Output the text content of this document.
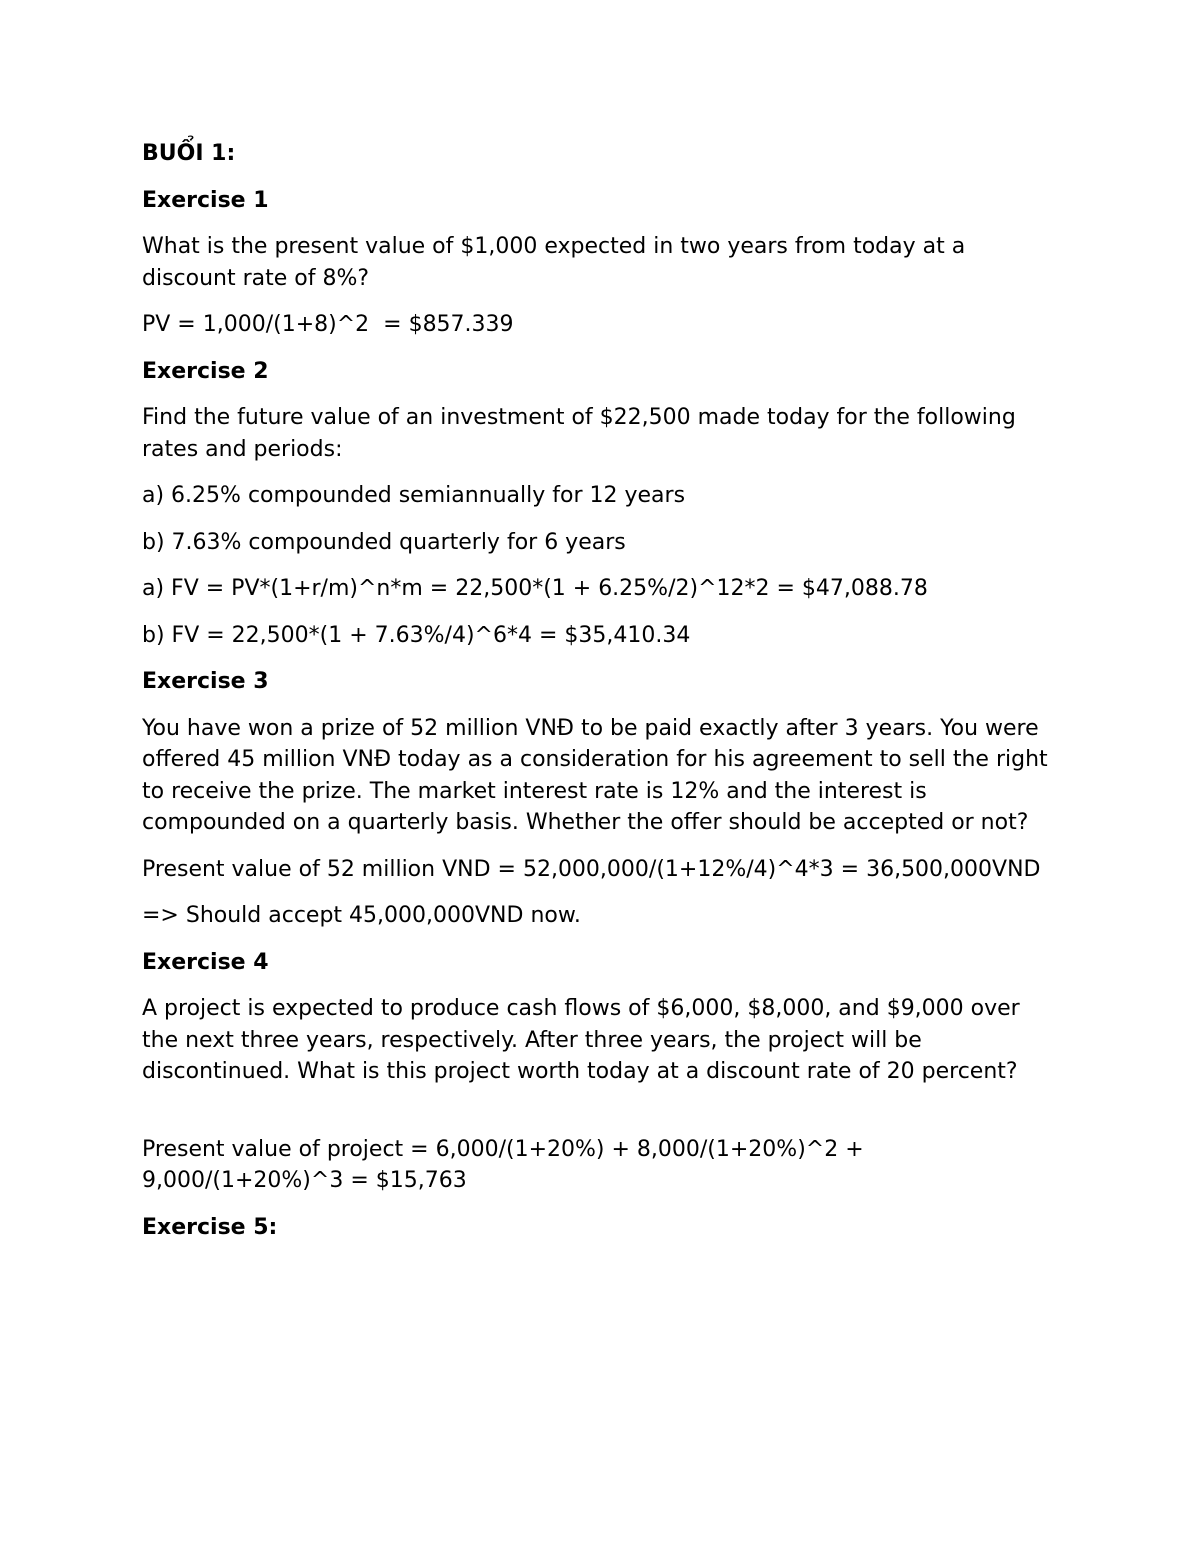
BUỔI 1:

Exercise 1

What is the present value of $1,000 expected in two years from today at a discount rate of 8%?

PV = 1,000/(1+8)^2  = $857.339

Exercise 2

Find the future value of an investment of $22,500 made today for the following rates and periods:

a) 6.25% compounded semiannually for 12 years

b) 7.63% compounded quarterly for 6 years

a) FV = PV*(1+r/m)^n*m = 22,500*(1 + 6.25%/2)^12*2 = $47,088.78

b) FV = 22,500*(1 + 7.63%/4)^6*4 = $35,410.34

Exercise 3

You have won a prize of 52 million VNĐ to be paid exactly after 3 years. You were offered 45 million VNĐ today as a consideration for his agreement to sell the right to receive the prize. The market interest rate is 12% and the interest is compounded on a quarterly basis. Whether the offer should be accepted or not?

Present value of 52 million VND = 52,000,000/(1+12%/4)^4*3 = 36,500,000VND

=> Should accept 45,000,000VND now.

Exercise 4

A project is expected to produce cash flows of $6,000, $8,000, and $9,000 over the next three years, respectively. After three years, the project will be discontinued. What is this project worth today at a discount rate of 20 percent?

Present value of project = 6,000/(1+20%) + 8,000/(1+20%)^2 + 9,000/(1+20%)^3 = $15,763

Exercise 5:
